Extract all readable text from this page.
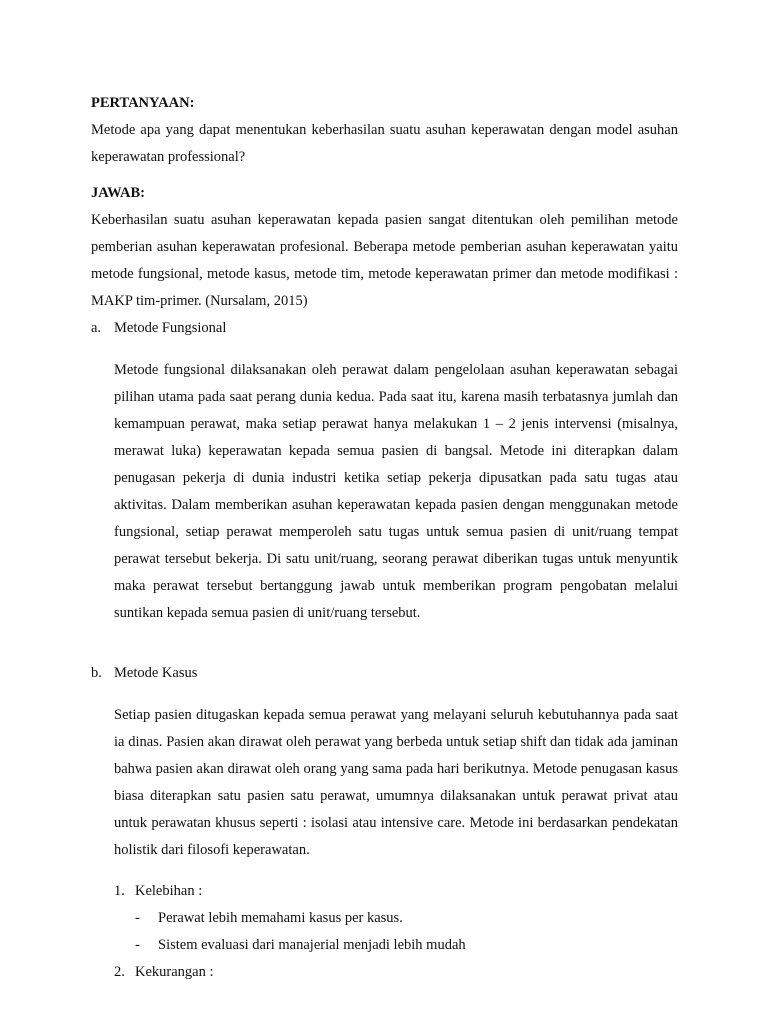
PERTANYAAN:

Metode apa yang dapat menentukan keberhasilan suatu asuhan keperawatan dengan model asuhan keperawatan professional?

JAWAB:

Keberhasilan suatu asuhan keperawatan kepada pasien sangat ditentukan oleh pemilihan metode pemberian asuhan keperawatan profesional. Beberapa metode pemberian asuhan keperawatan yaitu metode fungsional, metode kasus, metode tim, metode keperawatan primer dan metode modifikasi : MAKP tim-primer. (Nursalam, 2015)

a. Metode Fungsional

Metode fungsional dilaksanakan oleh perawat dalam pengelolaan asuhan keperawatan sebagai pilihan utama pada saat perang dunia kedua. Pada saat itu, karena masih terbatasnya jumlah dan kemampuan perawat, maka setiap perawat hanya melakukan 1 – 2 jenis intervensi (misalnya, merawat luka) keperawatan kepada semua pasien di bangsal. Metode ini diterapkan dalam penugasan pekerja di dunia industri ketika setiap pekerja dipusatkan pada satu tugas atau aktivitas. Dalam memberikan asuhan keperawatan kepada pasien dengan menggunakan metode fungsional, setiap perawat memperoleh satu tugas untuk semua pasien di unit/ruang tempat perawat tersebut bekerja. Di satu unit/ruang, seorang perawat diberikan tugas untuk menyuntik maka perawat tersebut bertanggung jawab untuk memberikan program pengobatan melalui suntikan kepada semua pasien di unit/ruang tersebut.

b. Metode Kasus

Setiap pasien ditugaskan kepada semua perawat yang melayani seluruh kebutuhannya pada saat ia dinas. Pasien akan dirawat oleh perawat yang berbeda untuk setiap shift dan tidak ada jaminan bahwa pasien akan dirawat oleh orang yang sama pada hari berikutnya. Metode penugasan kasus biasa diterapkan satu pasien satu perawat, umumnya dilaksanakan untuk perawat privat atau untuk perawatan khusus seperti : isolasi atau intensive care. Metode ini berdasarkan pendekatan holistik dari filosofi keperawatan.

1. Kelebihan :
-	Perawat lebih memahami kasus per kasus.
-	Sistem evaluasi dari manajerial menjadi lebih mudah
2. Kekurangan :
